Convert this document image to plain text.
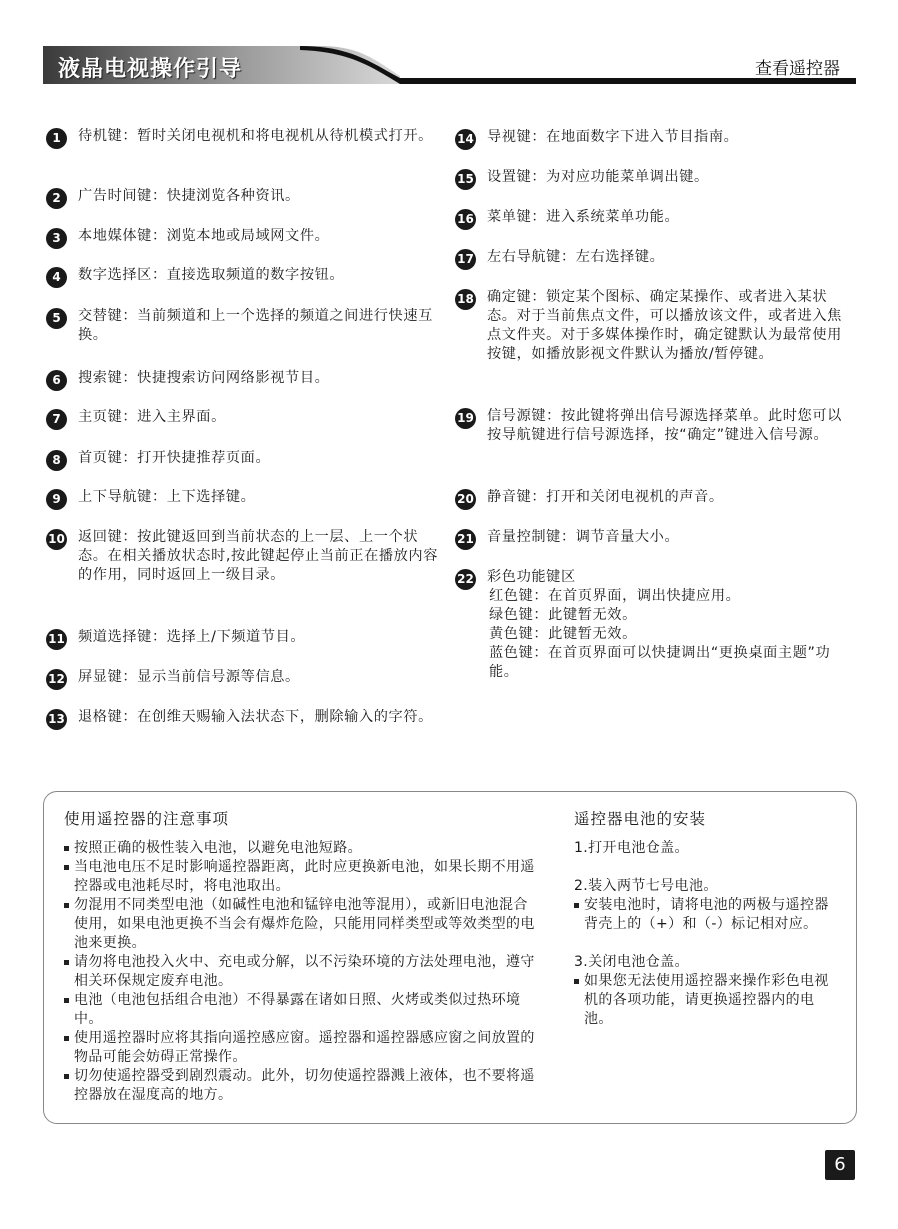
液晶电视操作引导	查看遥控器
1	待机键：暂时关闭电视机和将电视机从待机模式打开。
2	广告时间键：快捷浏览各种资讯。
3	本地媒体键：浏览本地或局域网文件。
4	数字选择区：直接选取频道的数字按钮。
5	交替键：当前频道和上一个选择的频道之间进行快速互换。
6	搜索键：快捷搜索访问网络影视节目。
7	主页键：进入主界面。
8	首页键：打开快捷推荐页面。
9	上下导航键：上下选择键。
10 返回键：按此键返回到当前状态的上一层、上一个状态。在相关播放状态时,按此键起停止当前正在播放内容的作用，同时返回上一级目录。
11 频道选择键：选择上/下频道节目。
12 屏显键：显示当前信号源等信息。
13 退格键：在创维天赐输入法状态下，删除输入的字符。
14 导视键：在地面数字下进入节目指南。
15 设置键：为对应功能菜单调出键。
16 菜单键：进入系统菜单功能。
17 左右导航键：左右选择键。
18 确定键：锁定某个图标、确定某操作、或者进入某状态。对于当前焦点文件，可以播放该文件，或者进入焦点文件夹。对于多媒体操作时，确定键默认为最常使用按键，如播放影视文件默认为播放/暂停键。
19 信号源键：按此键将弹出信号源选择菜单。此时您可以按导航键进行信号源选择，按“确定”键进入信号源。
20 静音键：打开和关闭电视机的声音。
21 音量控制键：调节音量大小。
22 彩色功能键区
红色键：在首页界面，调出快捷应用。
绿色键：此键暂无效。
黄色键：此键暂无效。
蓝色键：在首页界面可以快捷调出“更换桌面主题”功能。
使用遥控器的注意事项
按照正确的极性装入电池，以避免电池短路。
当电池电压不足时影响遥控器距离，此时应更换新电池，如果长期不用遥控器或电池耗尽时，将电池取出。
勿混用不同类型电池（如碱性电池和锰锌电池等混用），或新旧电池混合使用，如果电池更换不当会有爆炸危险，只能用同样类型或等效类型的电池来更换。
请勿将电池投入火中、充电或分解，以不污染环境的方法处理电池，遵守相关环保规定废弃电池。
电池（电池包括组合电池）不得暴露在诸如日照、火烤或类似过热环境中。
使用遥控器时应将其指向遥控感应窗。遥控器和遥控器感应窗之间放置的物品可能会妨碍正常操作。
切勿使遥控器受到剧烈震动。此外，切勿使遥控器溅上液体，也不要将遥控器放在湿度高的地方。
遥控器电池的安装
1.打开电池仓盖。
2.装入两节七号电池。
安装电池时，请将电池的两极与遥控器背壳上的（+）和（-）标记相对应。
3.关闭电池仓盖。
如果您无法使用遥控器来操作彩色电视机的各项功能，请更换遥控器内的电池。
6
